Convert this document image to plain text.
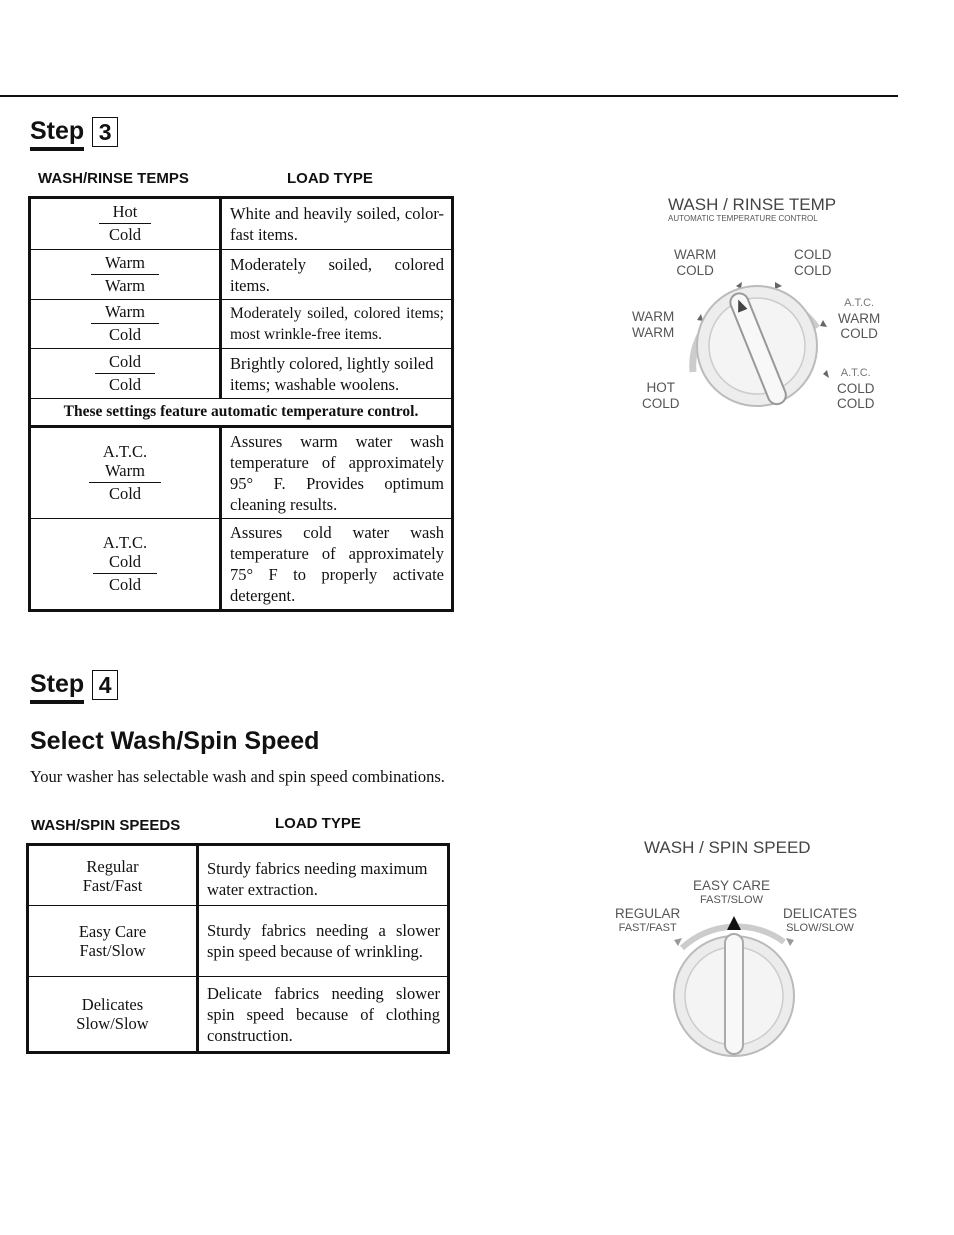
Step 3
WASH/RINSE TEMPS	LOAD TYPE
Hot
Cold	White and heavily soiled, color-fast items.

Warm
Warm	Moderately soiled, colored items.

Warm
Cold	Moderately soiled, colored items; most wrinkle-free items.

Cold
Cold	Brightly colored, lightly soiled items; washable woolens.
These settings feature automatic temperature control.	

A.T.C.
Warm
Cold	Assures warm water wash temperature of approximately 95° F. Provides optimum cleaning results.

A.T.C.
Cold
Cold	Assures cold water wash temperature of approximately 75° F to properly activate detergent.
WASH / RINSE TEMP
AUTOMATIC TEMPERATURE CONTROL
WARM
COLD
COLD
COLD
WARM
WARM
A.T.C.
WARM
COLD
HOT
COLD
A.T.C.
COLD
COLD
Step 4
Select Wash/Spin Speed

Your washer has selectable wash and spin speed combinations.

WASH/SPIN SPEEDS	LOAD TYPE
Regular
Fast/Fast	Sturdy fabrics needing maximum water extraction.

Easy Care
Fast/Slow	Sturdy fabrics needing a slower spin speed because of wrinkling.

Delicates
Slow/Slow	Delicate fabrics needing slower spin speed because of clothing construction.
WASH / SPIN SPEED
EASY CARE
FAST/SLOW
REGULAR
FAST/FAST
DELICATES
SLOW/SLOW
